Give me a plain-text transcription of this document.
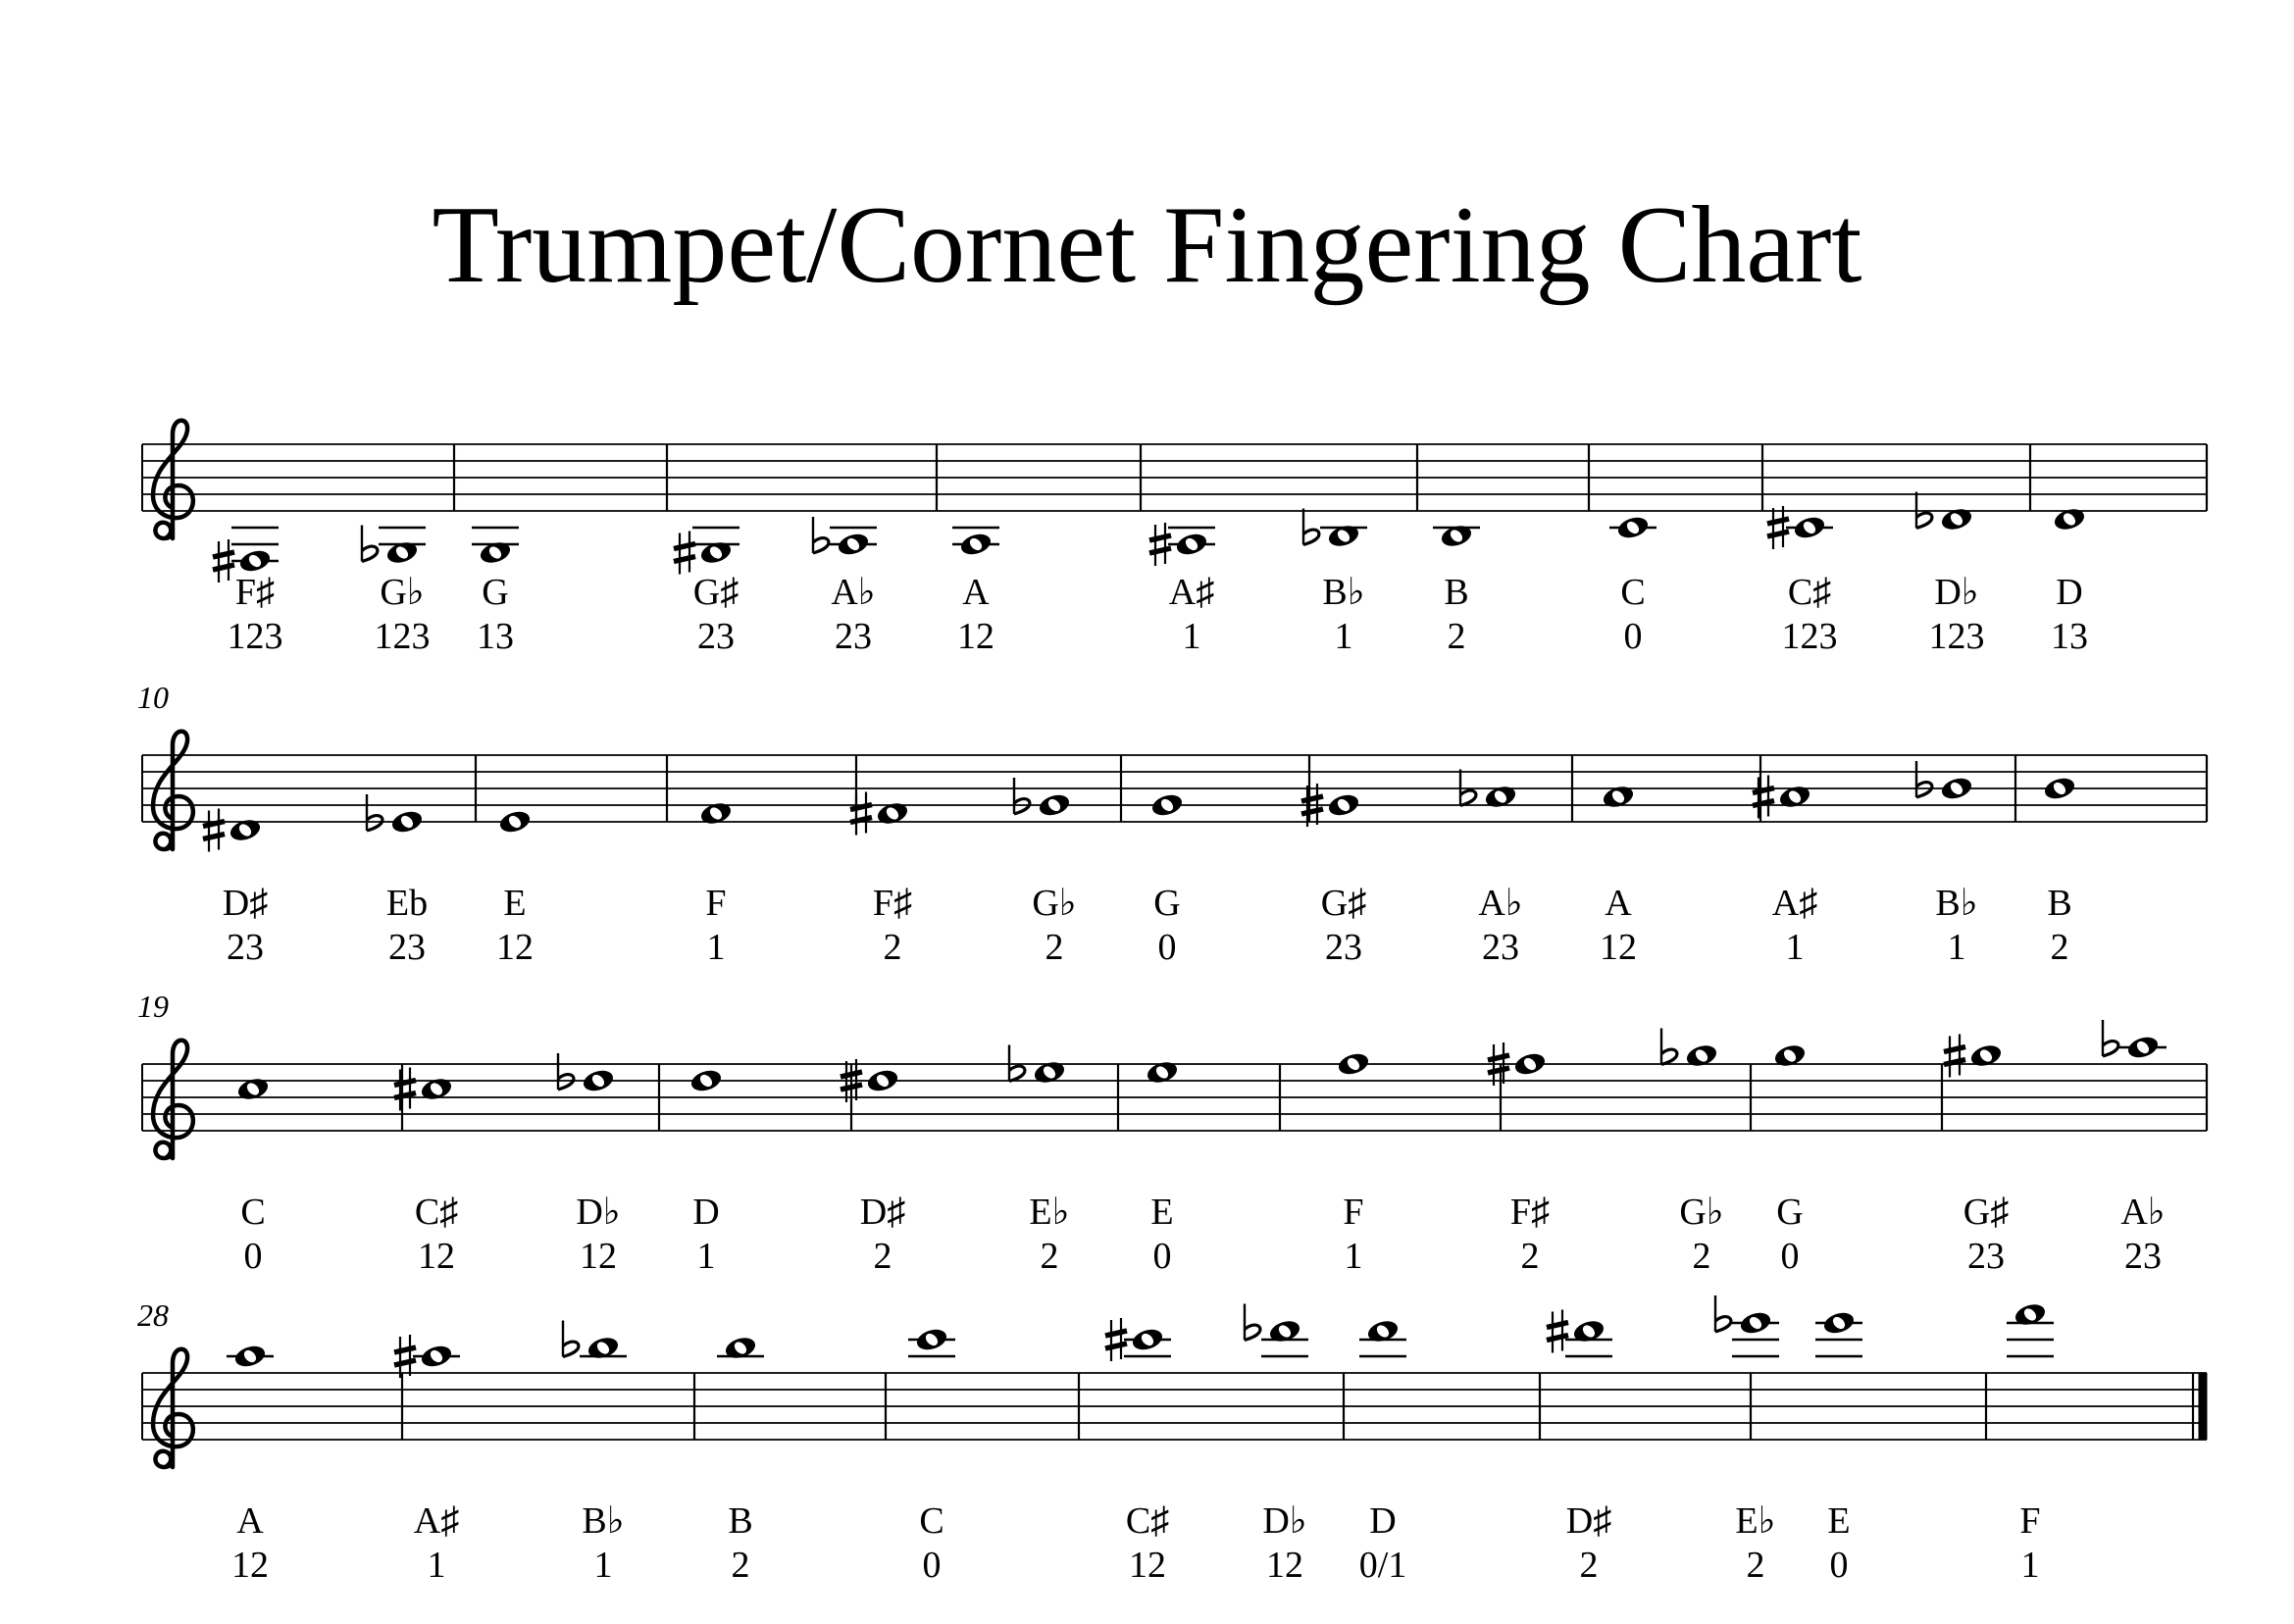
Trumpet/Cornet Fingering Chart
F♯
123
G♭
123
G
13
G♯
23
A♭
23
A
12
A♯
1
B♭
1
B
2
C
0
C♯
123
D♭
123
D
13
10
D♯
23
Eb
23
E
12
F
1
F♯
2
G♭
2
G
0
G♯
23
A♭
23
A
12
A♯
1
B♭
1
B
2
19
C
0
C♯
12
D♭
12
D
1
D♯
2
E♭
2
E
0
F
1
F♯
2
G♭
2
G
0
G♯
23
A♭
23
28
A
12
A♯
1
B♭
1
B
2
C
0
C♯
12
D♭
12
D
0/1
D♯
2
E♭
2
E
0
F
1
